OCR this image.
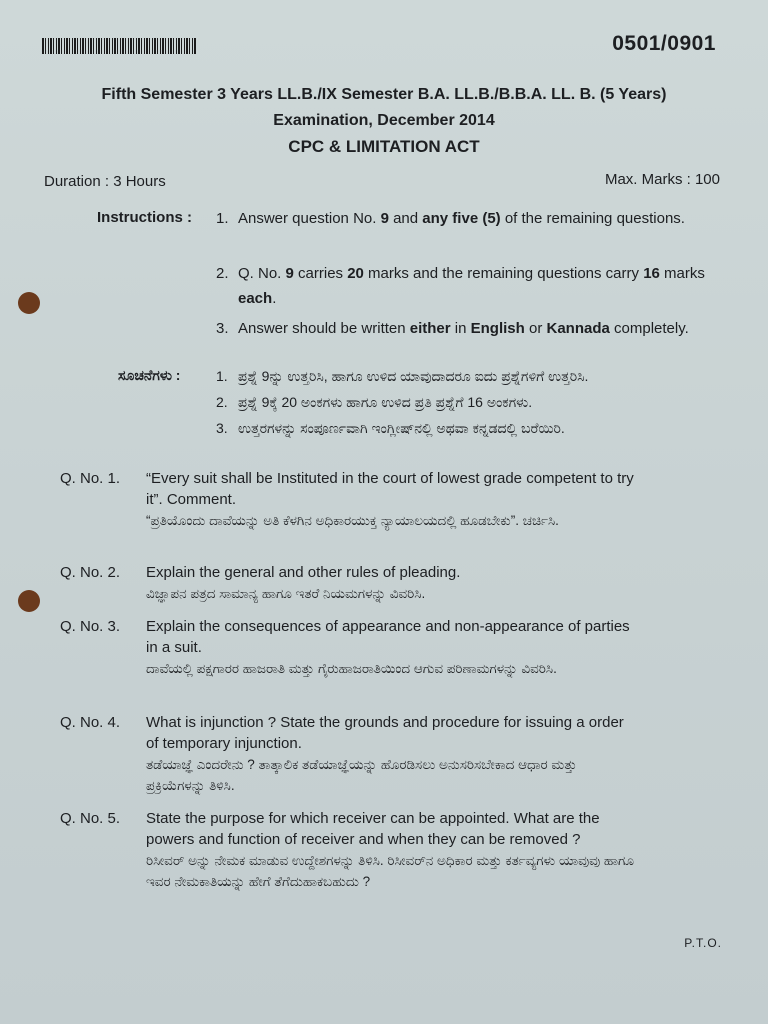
0501/0901
Fifth Semester 3 Years LL.B./IX Semester B.A. LL.B./B.B.A. LL. B. (5 Years)
Examination, December 2014
CPC & LIMITATION ACT
Duration : 3 Hours	Max. Marks : 100
Instructions : 1. Answer question No. 9 and any five (5) of the remaining questions.
2. Q. No. 9 carries 20 marks and the remaining questions carry 16 marks each.
3. Answer should be written either in English or Kannada completely.
ಸೂಚನೆಗಳು :	1. ಪ್ರಶ್ನೆ 9ನ್ನು ಉತ್ತರಿಸಿ, ಹಾಗೂ ಉಳಿದ ಯಾವುದಾದರೂ ಐದು ಪ್ರಶ್ನೆಗಳಿಗೆ ಉತ್ತರಿಸಿ.
2. ಪ್ರಶ್ನೆ 9ಕ್ಕೆ 20 ಅಂಕಗಳು ಹಾಗೂ ಉಳಿದ ಪ್ರತಿ ಪ್ರಶ್ನೆಗೆ 16 ಅಂಕಗಳು.
3. ಉತ್ತರಗಳನ್ನು ಸಂಪೂರ್ಣವಾಗಿ ಇಂಗ್ಲೀಷ್‌ನಲ್ಲಿ ಅಥವಾ ಕನ್ನಡದಲ್ಲಿ ಬರೆಯಿರಿ.
Q. No. 1.	“Every suit shall be Instituted in the court of lowest grade competent to try it”. Comment.
“ಪ್ರತಿಯೊಂದು ದಾವೆಯನ್ನು ಅತಿ ಕೆಳಗಿನ ಅಧಿಕಾರಯುಕ್ತ ನ್ಯಾಯಾಲಯದಲ್ಲಿ ಹೂಡಬೇಕು”. ಚರ್ಚಿಸಿ.
Q. No. 2.	Explain the general and other rules of pleading.
ವಿಜ್ಞಾಪನ ಪತ್ರದ ಸಾಮಾನ್ಯ ಹಾಗೂ ಇತರೆ ನಿಯಮಗಳನ್ನು ವಿವರಿಸಿ.
Q. No. 3.	Explain the consequences of appearance and non-appearance of parties in a suit.
ದಾವೆಯಲ್ಲಿ ಪಕ್ಷಗಾರರ ಹಾಜರಾತಿ ಮತ್ತು ಗೈರುಹಾಜರಾತಿಯಿಂದ ಆಗುವ ಪರಿಣಾಮಗಳನ್ನು ವಿವರಿಸಿ.
Q. No. 4.	What is injunction ? State the grounds and procedure for issuing a order of temporary injunction.
ತಡೆಯಾಜ್ಞೆ ಎಂದರೇನು ? ತಾತ್ಕಾಲಿಕ ತಡೆಯಾಜ್ಞೆಯನ್ನು ಹೊರಡಿಸಲು ಅನುಸರಿಸಬೇಕಾದ ಆಧಾರ ಮತ್ತು ಪ್ರಕ್ರಿಯೆಗಳನ್ನು ತಿಳಿಸಿ.
Q. No. 5.	State the purpose for which receiver can be appointed. What are the powers and function of receiver and when they can be removed ?
ರಿಸೀವರ್ ಅನ್ನು ನೇಮಕ ಮಾಡುವ ಉದ್ದೇಶಗಳನ್ನು ತಿಳಿಸಿ. ರಿಸೀವರ್‌ನ ಅಧಿಕಾರ ಮತ್ತು ಕರ್ತವ್ಯಗಳು ಯಾವುವು ಹಾಗೂ ಇವರ ನೇಮಕಾತಿಯನ್ನು ಹೇಗೆ ತೆಗೆದುಹಾಕಬಹುದು ?
P.T.O.
